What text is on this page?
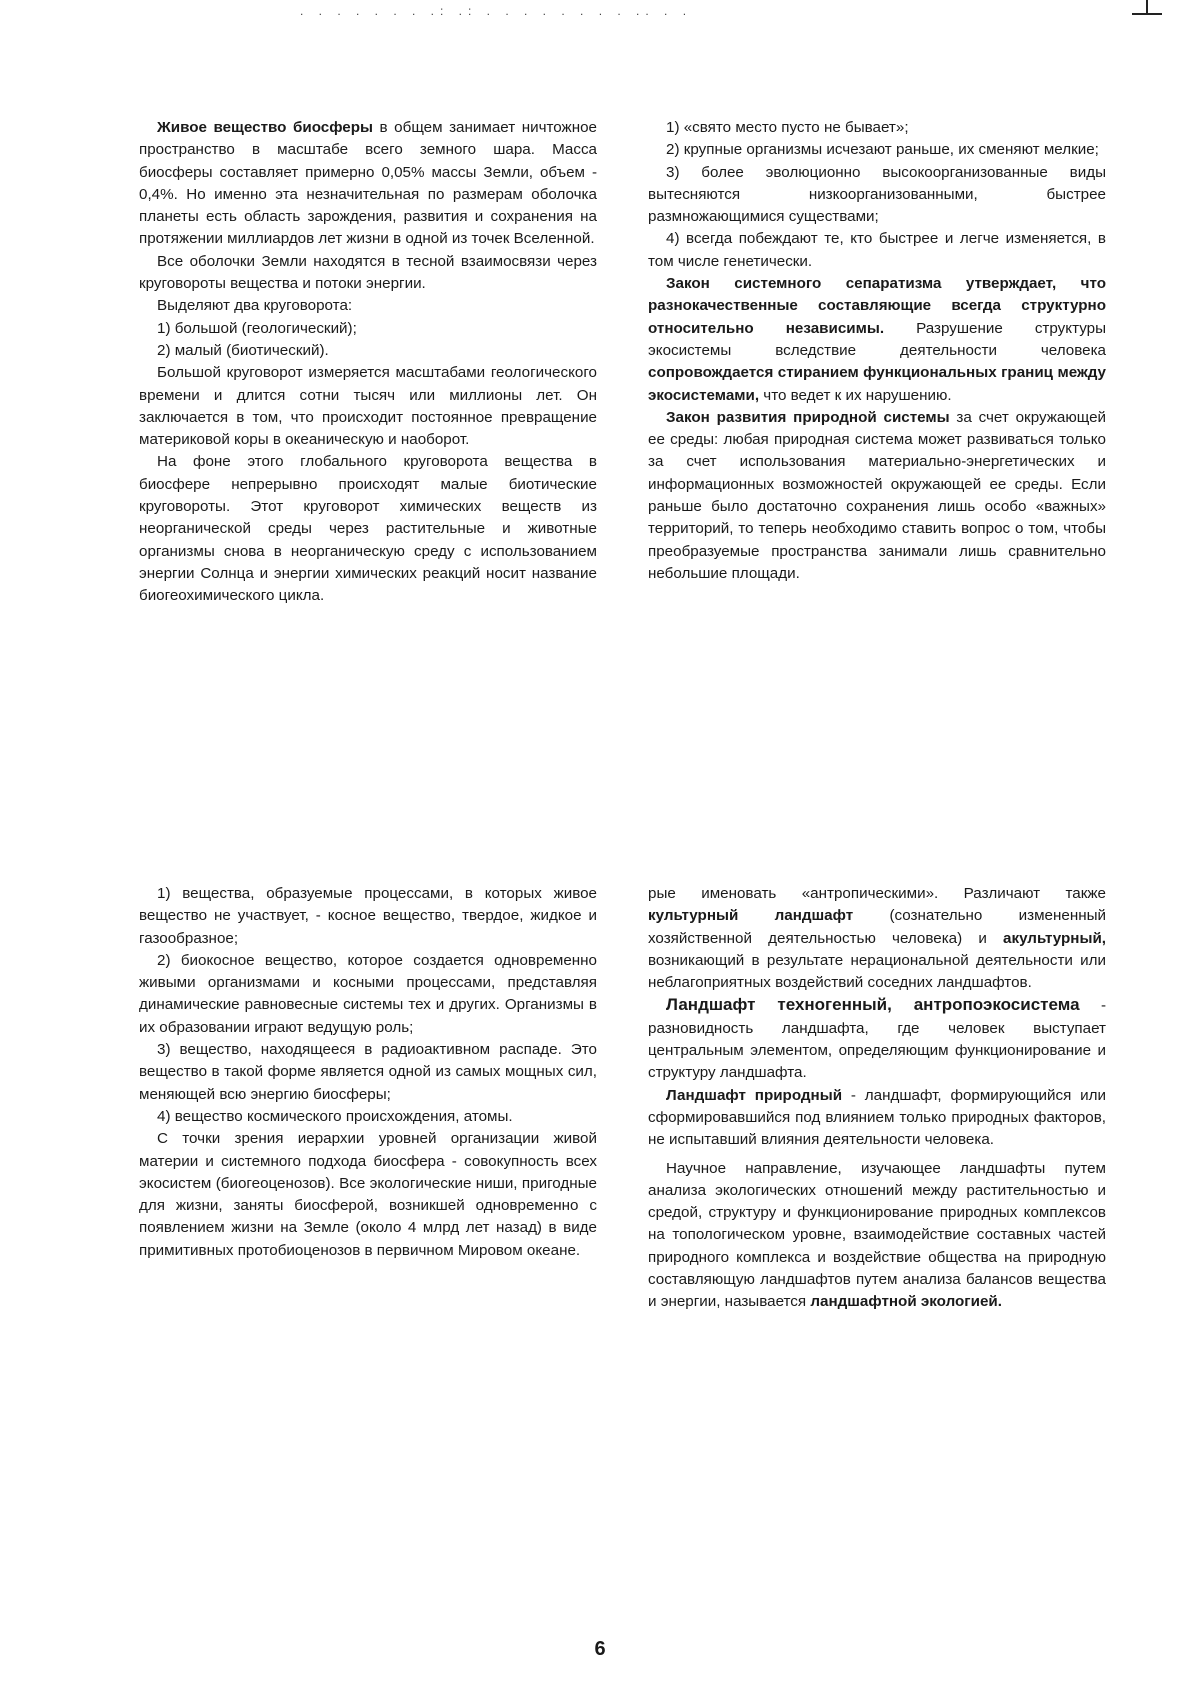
. . . . . . . .: .: . . . . . . . . .. . .

Живое вещество биосферы в общем занимает ничтожное пространство в масштабе всего земного шара. Масса биосферы составляет примерно 0,05% массы Земли, объем - 0,4%. Но именно эта незначительная по размерам оболочка планеты есть область зарождения, развития и сохранения на протяжении миллиардов лет жизни в одной из точек Вселенной.

Все оболочки Земли находятся в тесной взаимосвязи через круговороты вещества и потоки энергии.

Выделяют два круговорота:

1) большой (геологический);

2) малый (биотический).

Большой круговорот измеряется масштабами геологического времени и длится сотни тысяч или миллионы лет. Он заключается в том, что происходит постоянное превращение материковой коры в океаническую и наоборот.

На фоне этого глобального круговорота вещества в биосфере непрерывно происходят малые биотические круговороты. Этот круговорот химических веществ из неорганической среды через растительные и животные организмы снова в неорганическую среду с использованием энергии Солнца и энергии химических реакций носит название биогеохимического цикла.

1) «свято место пусто не бывает»;

2) крупные организмы исчезают раньше, их сменяют мелкие;

3) более эволюционно высокоорганизованные виды вытесняются низкоорганизованными, быстрее размножающимися существами;

4) всегда побеждают те, кто быстрее и легче изменяется, в том числе генетически.

Закон системного сепаратизма утверждает, что разнокачественные составляющие всегда структурно относительно независимы. Разрушение структуры экосистемы вследствие деятельности человека сопровождается стиранием функциональных границ между экосистемами, что ведет к их нарушению.

Закон развития природной системы за счет окружающей ее среды: любая природная система может развиваться только за счет использования материально-энергетических и информационных возможностей окружающей ее среды. Если раньше было достаточно сохранения лишь особо «важных» территорий, то теперь необходимо ставить вопрос о том, чтобы преобразуемые пространства занимали лишь сравнительно небольшие площади.

1) вещества, образуемые процессами, в которых живое вещество не участвует, - косное вещество, твердое, жидкое и газообразное;

2) биокосное вещество, которое создается одновременно живыми организмами и косными процессами, представляя динамические равновесные системы тех и других. Организмы в их образовании играют ведущую роль;

3) вещество, находящееся в радиоактивном распаде. Это вещество в такой форме является одной из самых мощных сил, меняющей всю энергию биосферы;

4) вещество космического происхождения, атомы.

С точки зрения иерархии уровней организации живой материи и системного подхода биосфера - совокупность всех экосистем (биогеоценозов). Все экологические ниши, пригодные для жизни, заняты биосферой, возникшей одновременно с появлением жизни на Земле (около 4 млрд лет назад) в виде примитивных протобиоценозов в первичном Мировом океане.

рые именовать «антропическими». Различают также культурный ландшафт (сознательно измененный хозяйственной деятельностью человека) и акультурный, возникающий в результате нерациональной деятельности или неблагоприятных воздействий соседних ландшафтов.

Ландшафт техногенный, антропоэкосистема - разновидность ландшафта, где человек выступает центральным элементом, определяющим функционирование и структуру ландшафта.

Ландшафт природный - ландшафт, формирующийся или сформировавшийся под влиянием только природных факторов, не испытавший влияния деятельности человека.

Научное направление, изучающее ландшафты путем анализа экологических отношений между растительностью и средой, структуру и функционирование природных комплексов на топологическом уровне, взаимодействие составных частей природного комплекса и воздействие общества на природную составляющую ландшафтов путем анализа балансов вещества и энергии, называется ландшафтной экологией.

6
